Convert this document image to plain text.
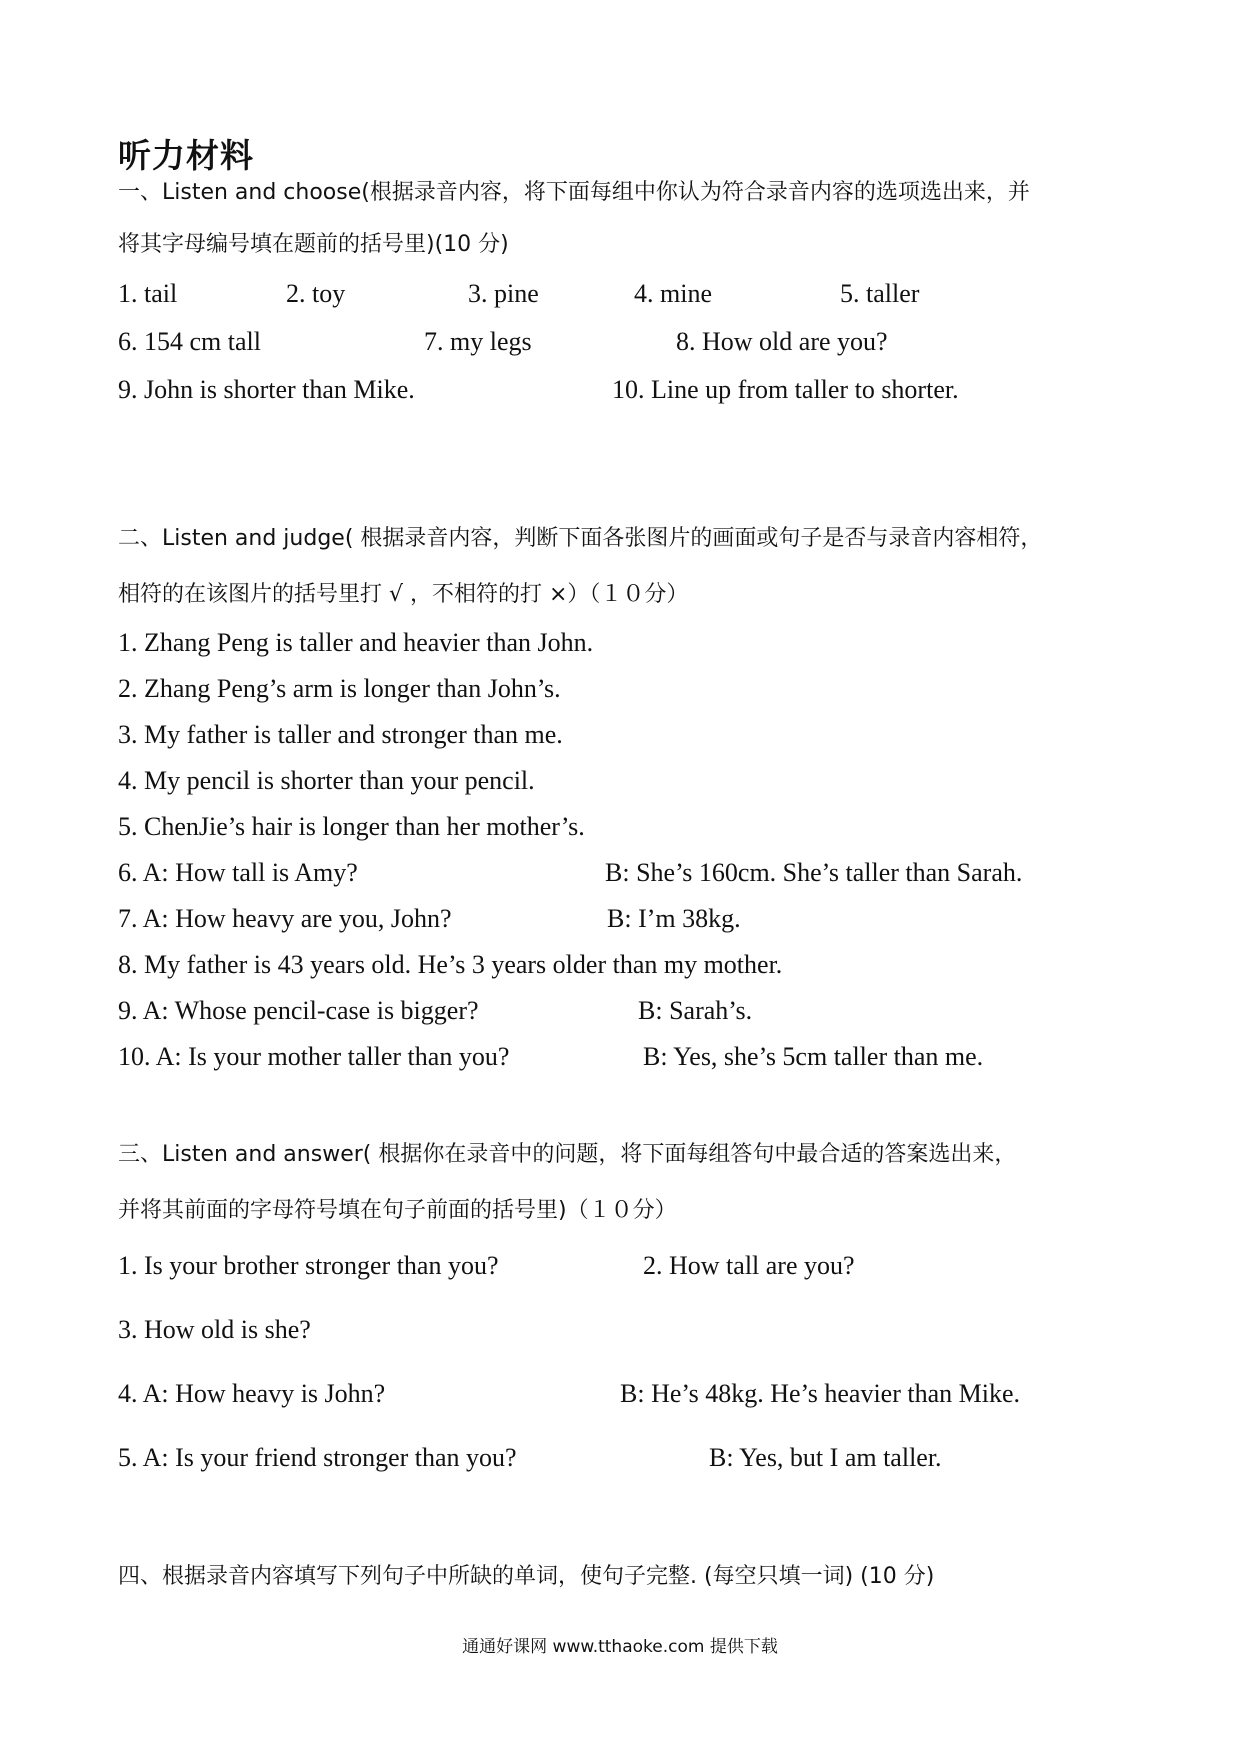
听力材料
一、Listen and choose(根据录音内容，将下面每组中你认为符合录音内容的选项选出来，并
将其字母编号填在题前的括号里)(10 分)
1. tail	2. toy	3. pine	4. mine	5. taller
6. 154 cm tall	7. my legs	8. How old are you?
9. John is shorter than Mike.	10. Line up from taller to shorter.
二、Listen and judge( 根据录音内容，判断下面各张图片的画面或句子是否与录音内容相符，
相符的在该图片的括号里打 √ ，不相符的打 ×）（１０分）
1. Zhang Peng is taller and heavier than John.
2. Zhang Peng’s arm is longer than John’s.
3. My father is taller and stronger than me.
4. My pencil is shorter than your pencil.
5. ChenJie’s hair is longer than her mother’s.
6. A: How tall is Amy?	B: She’s 160cm. She’s taller than Sarah.
7. A: How heavy are you, John?	B: I’m 38kg.
8. My father is 43 years old. He’s 3 years older than my mother.
9. A: Whose pencil-case is bigger?	B: Sarah’s.
10. A: Is your mother taller than you?	B: Yes, she’s 5cm taller than me.
三、Listen and answer( 根据你在录音中的问题，将下面每组答句中最合适的答案选出来，
并将其前面的字母符号填在句子前面的括号里)（１０分）
1. Is your brother stronger than you?	2. How tall are you?
3. How old is she?
4. A: How heavy is John?	B: He’s 48kg. He’s heavier than Mike.
5. A: Is your friend stronger than you?	B: Yes, but I am taller.
四、根据录音内容填写下列句子中所缺的单词，使句子完整. (每空只填一词) (10 分)
通通好课网 www.tthaoke.com 提供下载
